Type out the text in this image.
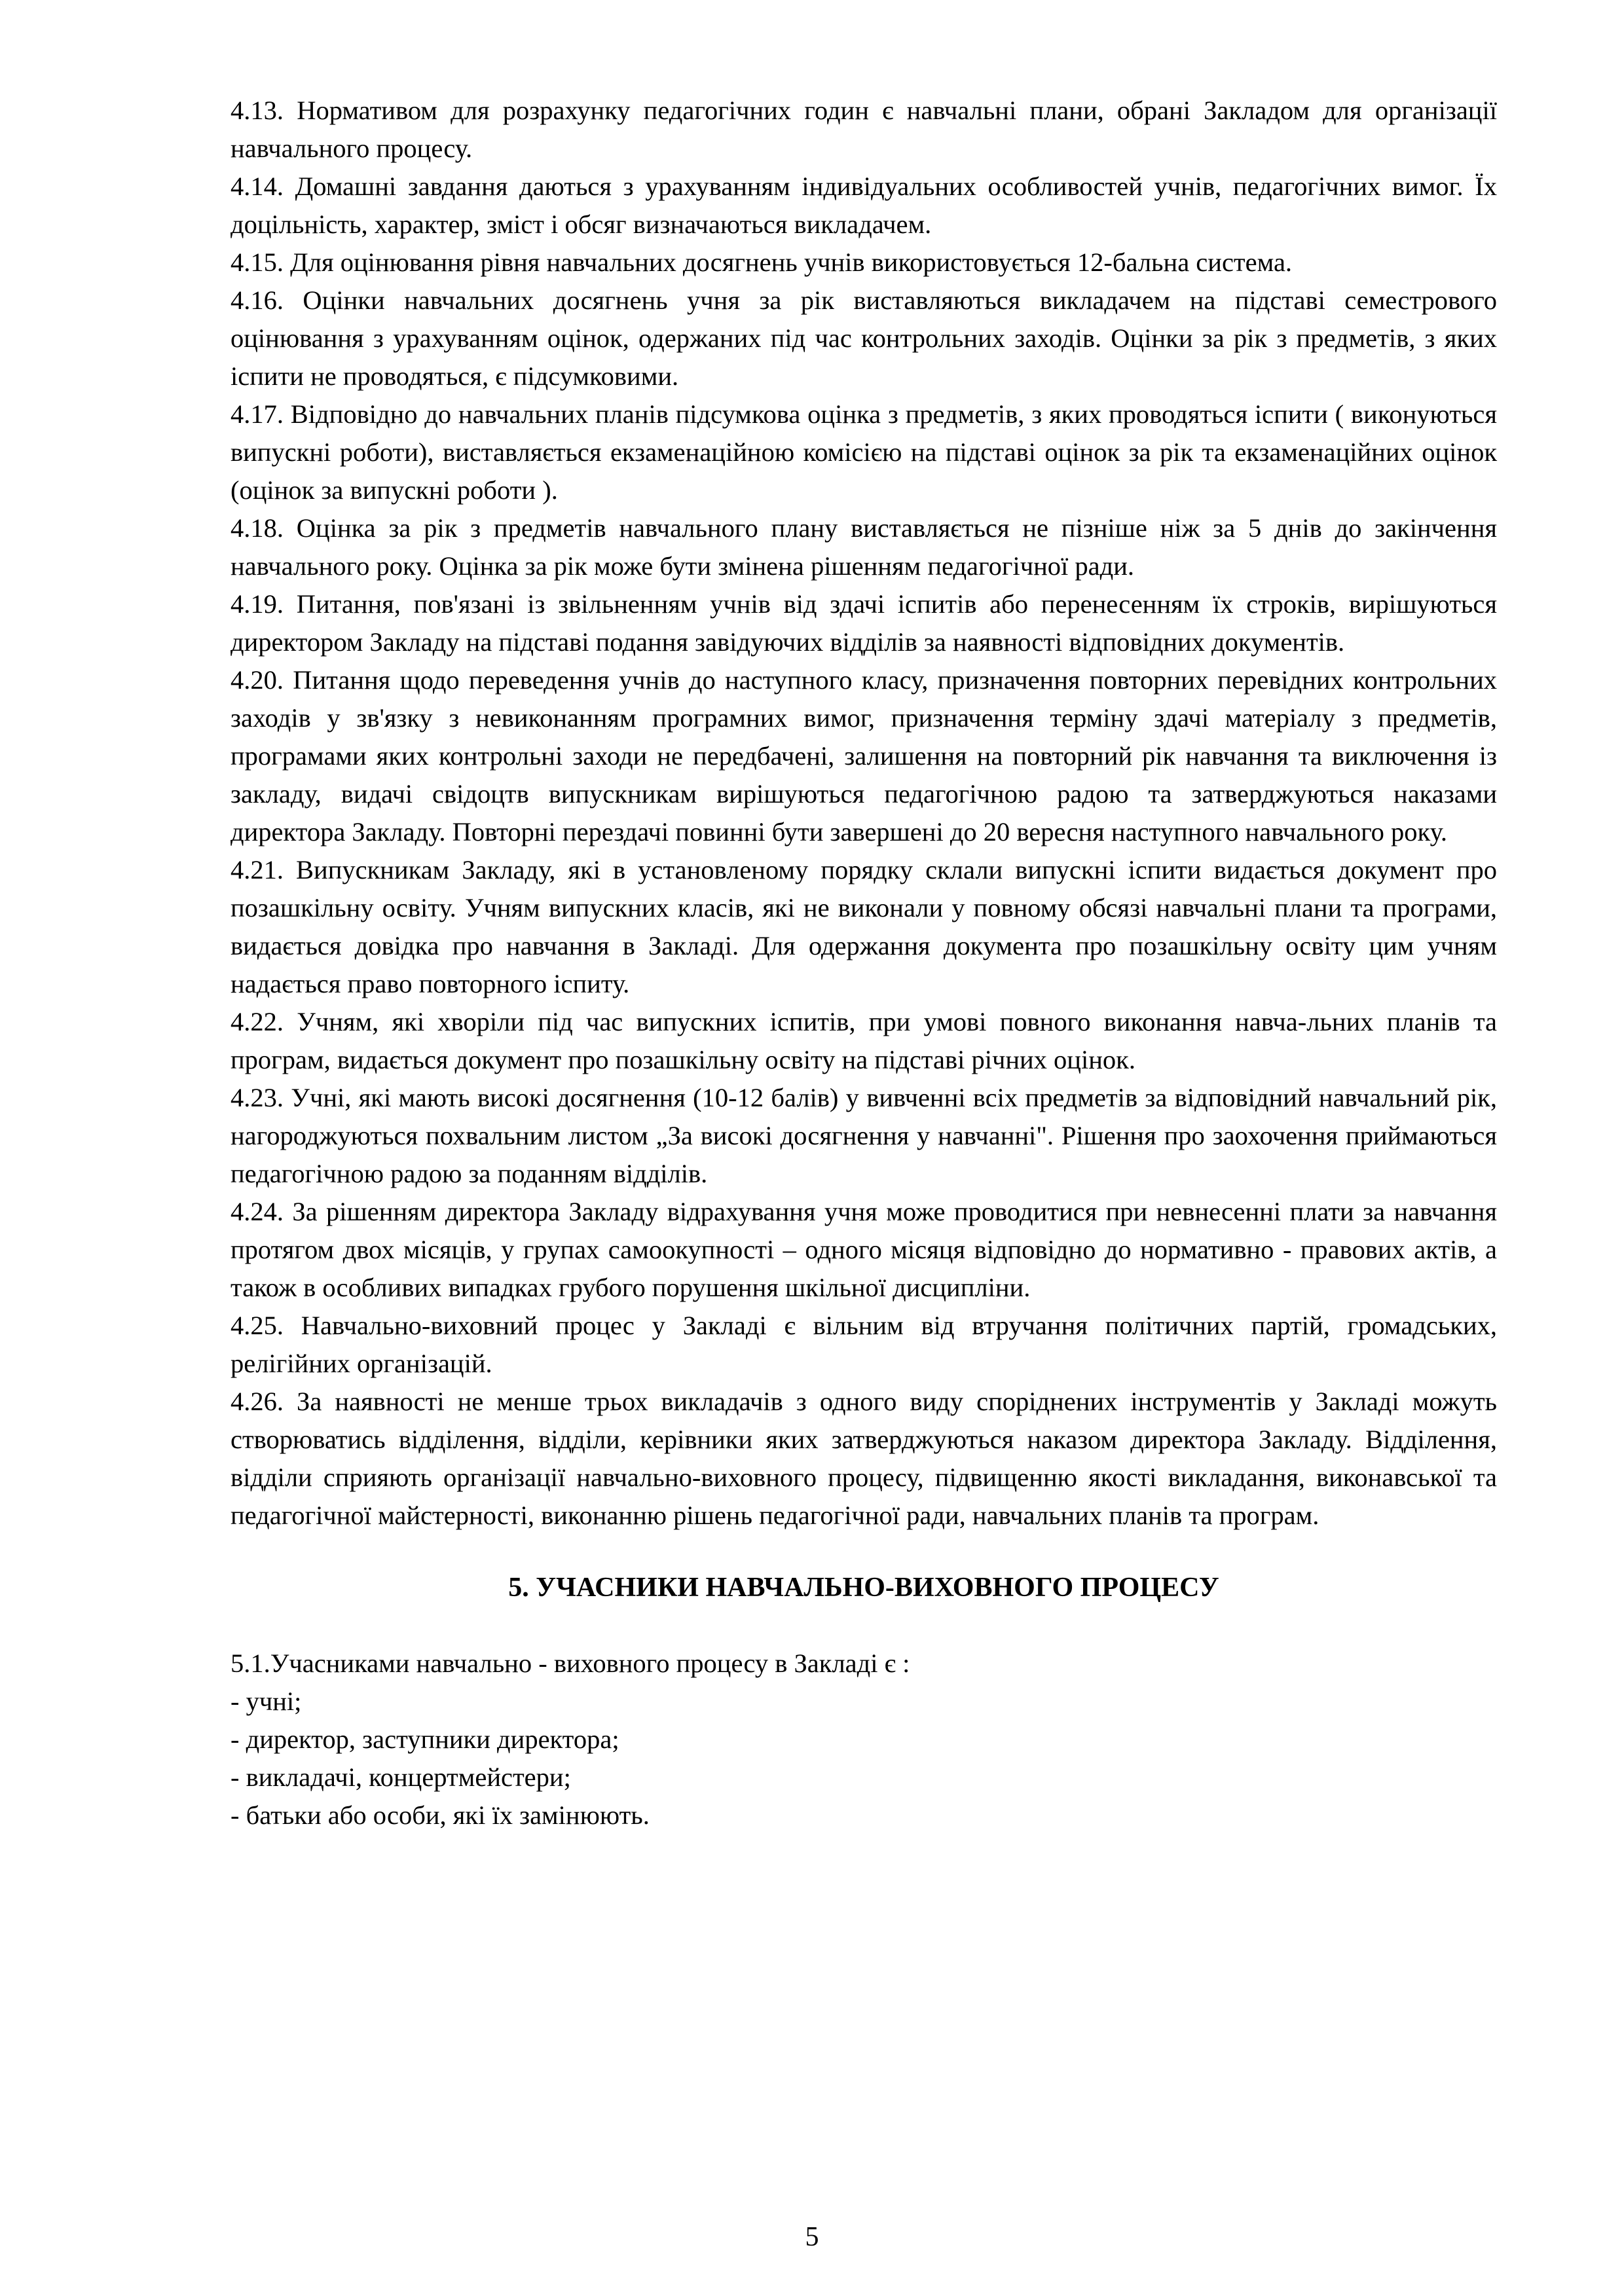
4.13. Нормативом для розрахунку педагогічних годин є навчальні плани, обрані Закладом для організації навчального процесу.

4.14. Домашні завдання даються з урахуванням індивідуальних особливостей учнів, педагогічних вимог. Їх доцільність, характер, зміст і обсяг визначаються викладачем.

4.15. Для оцінювання рівня навчальних досягнень учнів використовується 12-бальна система.

4.16. Оцінки навчальних досягнень учня за рік виставляються викладачем на підставі семестрового оцінювання з урахуванням оцінок, одержаних під час контрольних заходів. Оцінки за рік з предметів, з яких іспити не проводяться, є підсумковими.

4.17. Відповідно до навчальних планів підсумкова оцінка з предметів, з яких проводяться іспити ( виконуються випускні роботи), виставляється екзаменаційною комісією на підставі оцінок за рік та екзаменаційних оцінок (оцінок за випускні роботи ).

4.18. Оцінка за рік з предметів навчального плану виставляється не пізніше ніж за 5 днів до закінчення навчального року. Оцінка за рік може бути змінена рішенням педагогічної ради.

4.19. Питання, пов'язані із звільненням учнів від здачі іспитів або перенесенням їх строків, вирішуються директором Закладу на підставі подання завідуючих відділів за наявності відповідних документів.

4.20. Питання щодо переведення учнів до наступного класу, призначення повторних перевідних контрольних заходів у зв'язку з невиконанням програмних вимог, призначення терміну здачі матеріалу з предметів, програмами яких контрольні заходи не передбачені, залишення на повторний рік навчання та виключення із закладу, видачі свідоцтв випускникам вирішуються педагогічною радою та затверджуються наказами директора Закладу. Повторні перездачі повинні бути завершені до 20 вересня наступного навчального року.

4.21. Випускникам Закладу, які в установленому порядку склали випускні іспити видається документ про позашкільну освіту. Учням випускних класів, які не виконали у повному обсязі навчальні плани та програми, видається довідка про навчання в Закладі. Для одержання документа про позашкільну освіту цим учням надається право повторного іспиту.

4.22. Учням, які хворіли під час випускних іспитів, при умові повного виконання навча-льних планів та програм, видається документ про позашкільну освіту на підставі річних оцінок.

4.23. Учні, які мають високі досягнення (10-12 балів) у вивченні всіх предметів за відповідний навчальний рік, нагороджуються похвальним листом „За високі досягнення у навчанні". Рішення про заохочення приймаються педагогічною радою за поданням відділів.

4.24. За рішенням директора Закладу відрахування учня може проводитися при невнесенні плати за навчання протягом двох місяців, у групах самоокупності – одного місяця відповідно до нормативно - правових актів, а також в особливих випадках грубого порушення шкільної дисципліни.

4.25. Навчально-виховний процес у Закладі є вільним від втручання політичних партій, громадських, релігійних організацій.

4.26. За наявності не менше трьох викладачів з одного виду споріднених інструментів у Закладі можуть створюватись відділення, відділи, керівники яких затверджуються наказом директора Закладу. Відділення, відділи сприяють організації навчально-виховного процесу, підвищенню якості викладання, виконавської та педагогічної майстерності, виконанню рішень педагогічної ради, навчальних планів та програм.

5. УЧАСНИКИ НАВЧАЛЬНО-ВИХОВНОГО ПРОЦЕСУ

5.1.Учасниками навчально - виховного процесу в Закладі є :

- учні;
- директор, заступники директора;
- викладачі, концертмейстери;
- батьки або особи, які їх замінюють.
5
